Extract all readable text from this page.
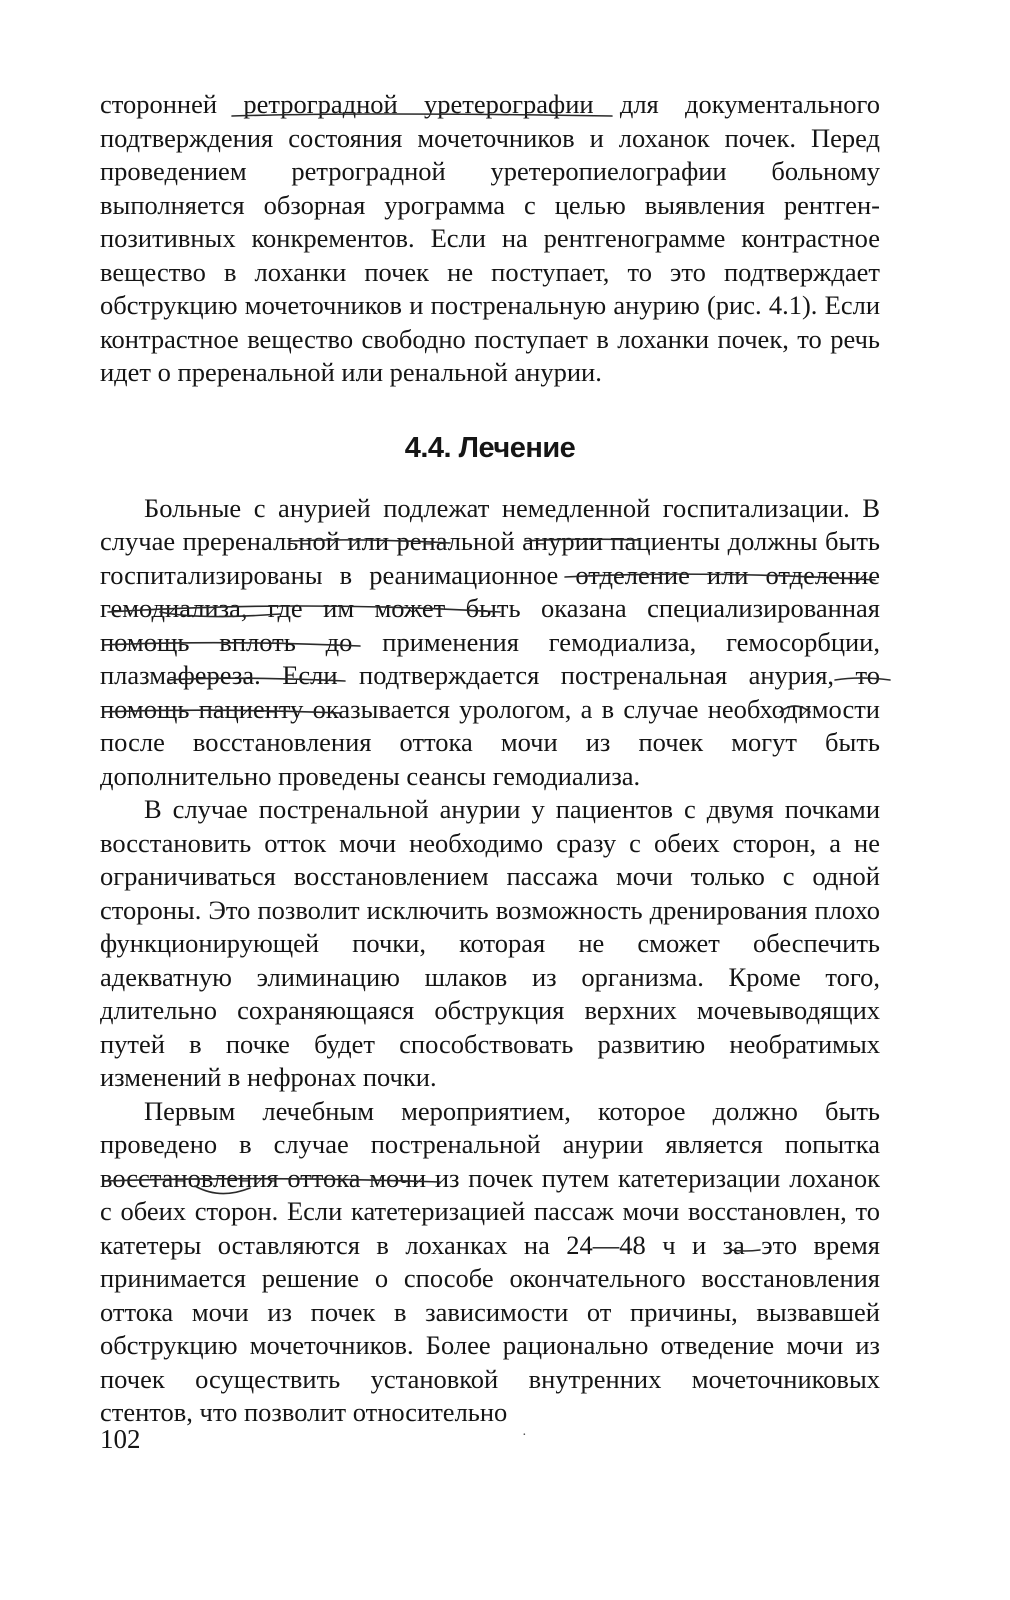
сторонней ретроградной уретерографии для документального подтверждения состояния мочеточников и лоханок почек. Перед проведением ретроградной уретеропиелографии больному выполняется обзорная урограмма с целью выявления рентгенпозитивных конкрементов. Если на рентгенограмме контрастное вещество в лоханки почек не поступает, то это подтверждает обструкцию мочеточников и постренальную анурию (рис. 4.1). Если контрастное вещество свободно поступает в лоханки почек, то речь идет о преренальной или ренальной анурии.

4.4. Лечение

Больные с анурией подлежат немедленной госпитализации. В случае преренальной или ренальной анурии пациенты должны быть госпитализированы в реанимационное отделение или отделение гемодиализа, где им может быть оказана специализированная помощь вплоть до применения гемодиализа, гемосорбции, плазмафереза. Если подтверждается постренальная анурия, то помощь пациенту оказывается урологом, а в случае необходимости после восстановления оттока мочи из почек могут быть дополнительно проведены сеансы гемодиализа.

В случае постренальной анурии у пациентов с двумя почками восстановить отток мочи необходимо сразу с обеих сторон, а не ограничиваться восстановлением пассажа мочи только с одной стороны. Это позволит исключить возможность дренирования плохо функционирующей почки, которая не сможет обеспечить адекватную элиминацию шлаков из организма. Кроме того, длительно сохраняющаяся обструкция верхних мочевыводящих путей в почке будет способствовать развитию необратимых изменений в нефронах почки.

Первым лечебным мероприятием, которое должно быть проведено в случае постренальной анурии является попытка восстановления оттока мочи из почек путем катетеризации лоханок с обеих сторон. Если катетеризацией пассаж мочи восстановлен, то катетеры оставляются в лоханках на 24—48 ч и за это время принимается решение о способе окончательного восстановления оттока мочи из почек в зависимости от причины, вызвавшей обструкцию мочеточников. Более рационально отведение мочи из почек осуществить установкой внутренних мочеточниковых стентов, что позволит относительно

102	·
